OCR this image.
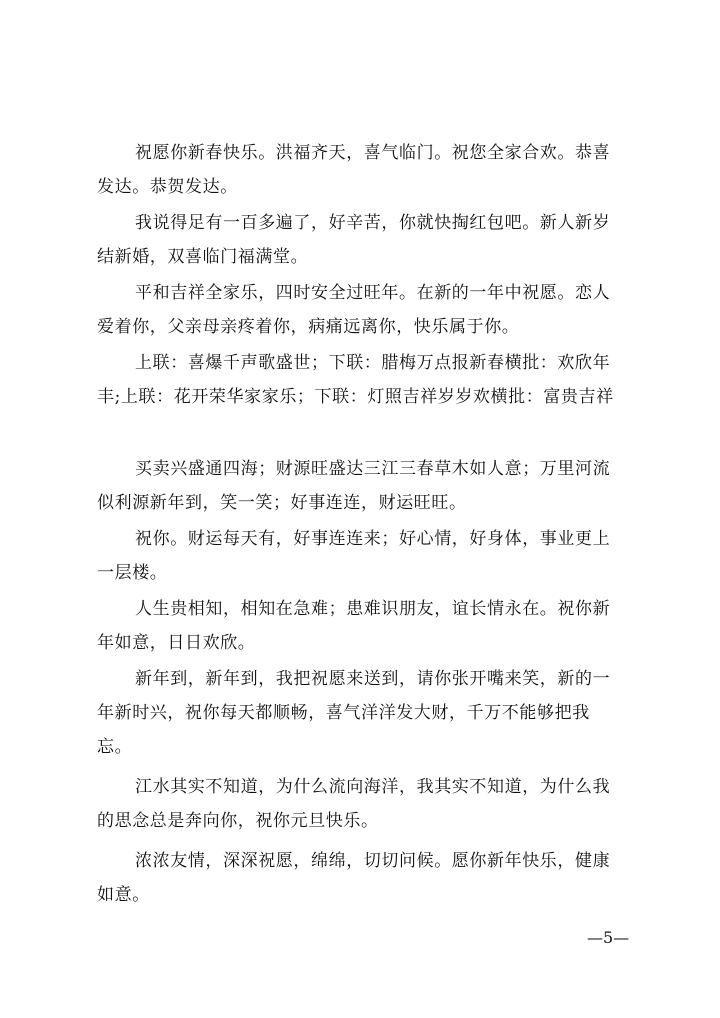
祝愿你新春快乐。洪福齐天，喜气临门。祝您全家合欢。恭喜发达。恭贺发达。

我说得足有一百多遍了，好辛苦，你就快掏红包吧。新人新岁结新婚，双喜临门福满堂。

平和吉祥全家乐，四时安全过旺年。在新的一年中祝愿。恋人爱着你，父亲母亲疼着你，病痛远离你，快乐属于你。

上联：喜爆千声歌盛世；下联：腊梅万点报新春横批：欢欣年丰;上联：花开荣华家家乐；下联：灯照吉祥岁岁欢横批：富贵吉祥

买卖兴盛通四海；财源旺盛达三江三春草木如人意；万里河流似利源新年到，笑一笑；好事连连，财运旺旺。

祝你。财运每天有，好事连连来；好心情，好身体，事业更上一层楼。

人生贵相知，相知在急难；患难识朋友，谊长情永在。祝你新年如意，日日欢欣。

新年到，新年到，我把祝愿来送到，请你张开嘴来笑，新的一年新时兴，祝你每天都顺畅，喜气洋洋发大财，千万不能够把我忘。

江水其实不知道，为什么流向海洋，我其实不知道，为什么我的思念总是奔向你，祝你元旦快乐。

浓浓友情，深深祝愿，绵绵，切切问候。愿你新年快乐，健康如意。

—5—
